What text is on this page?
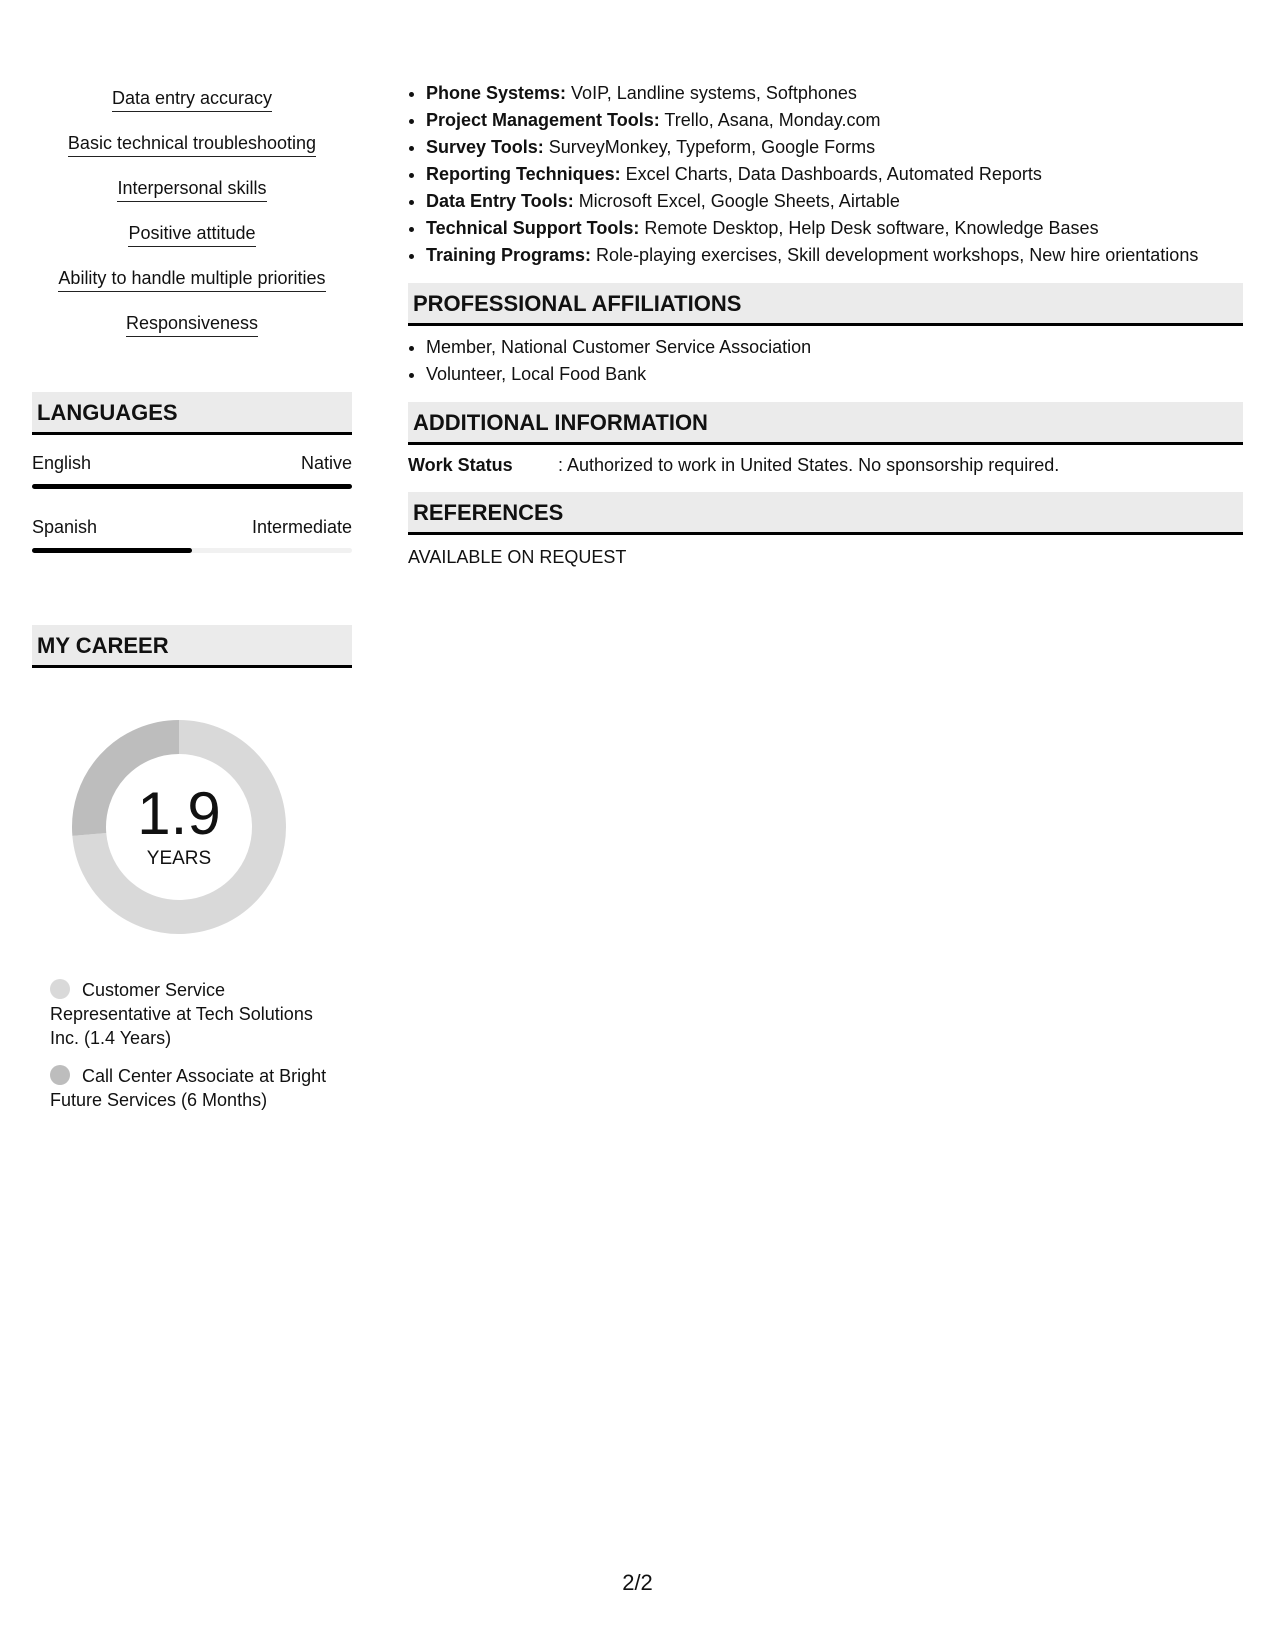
Data entry accuracy
Basic technical troubleshooting
Interpersonal skills
Positive attitude
Ability to handle multiple priorities
Responsiveness
LANGUAGES
English	Native
Spanish	Intermediate
MY CAREER
1.9
YEARS
Customer Service Representative at Tech Solutions Inc. (1.4 Years)
Call Center Associate at Bright Future Services (6 Months)
• Phone Systems: VoIP, Landline systems, Softphones
• Project Management Tools: Trello, Asana, Monday.com
• Survey Tools: SurveyMonkey, Typeform, Google Forms
• Reporting Techniques: Excel Charts, Data Dashboards, Automated Reports
• Data Entry Tools: Microsoft Excel, Google Sheets, Airtable
• Technical Support Tools: Remote Desktop, Help Desk software, Knowledge Bases
• Training Programs: Role-playing exercises, Skill development workshops, New hire orientations
PROFESSIONAL AFFILIATIONS
• Member, National Customer Service Association
• Volunteer, Local Food Bank
ADDITIONAL INFORMATION
Work Status	: Authorized to work in United States. No sponsorship required.
REFERENCES
AVAILABLE ON REQUEST
2/2
